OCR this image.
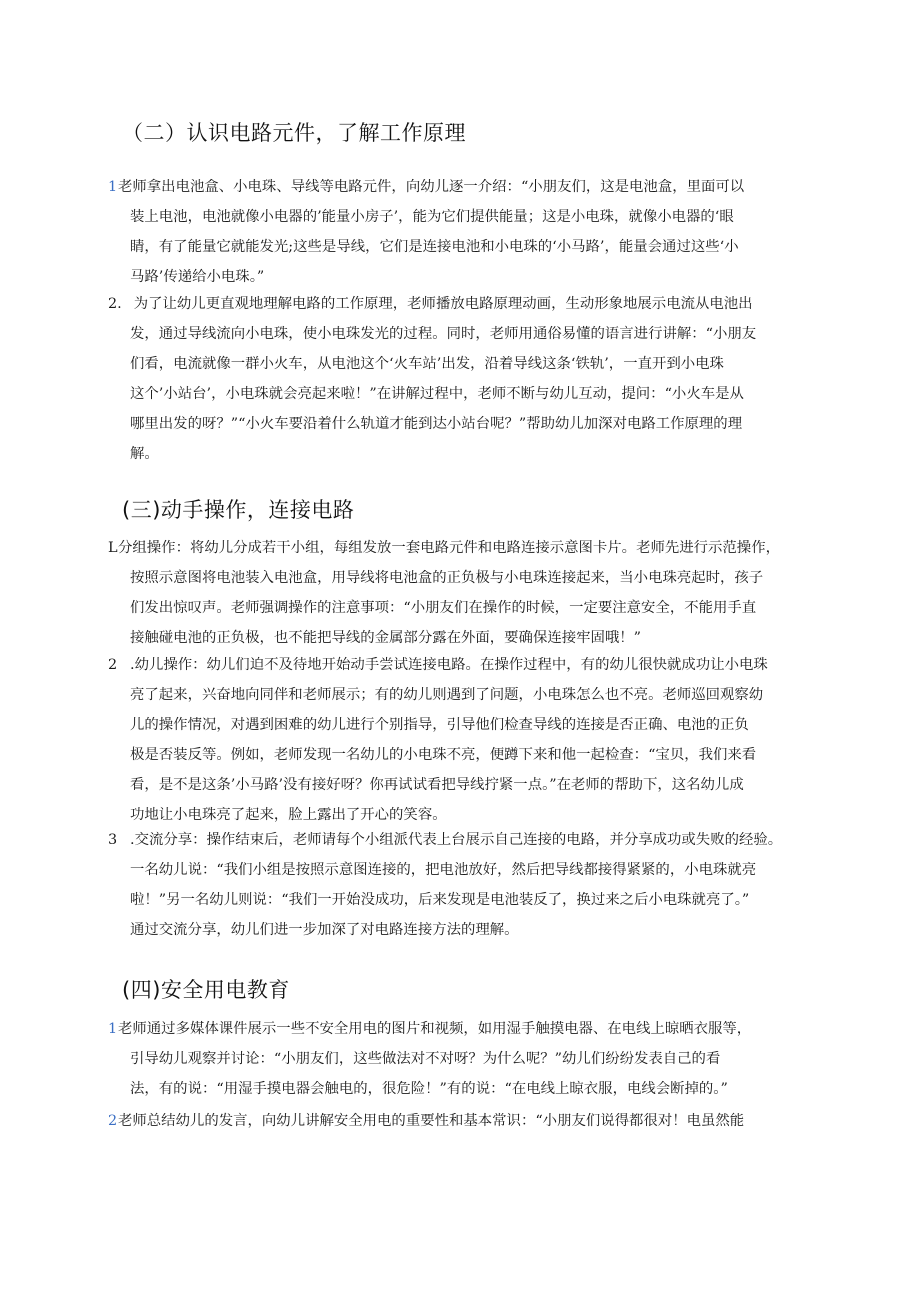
（二）认识电路元件，了解工作原理
1老师拿出电池盒、小电珠、导线等电路元件，向幼儿逐一介绍：“小朋友们，这是电池盒，里面可以
装上电池，电池就像小电器的’能量小房子’，能为它们提供能量；这是小电珠，就像小电器的‘眼
睛，有了能量它就能发光;这些是导线，它们是连接电池和小电珠的‘小马路’，能量会通过这些‘小
马路’传递给小电珠。”
2. 为了让幼儿更直观地理解电路的工作原理，老师播放电路原理动画，生动形象地展示电流从电池出
发，通过导线流向小电珠，使小电珠发光的过程。同时，老师用通俗易懂的语言进行讲解：“小朋友
们看，电流就像一群小火车，从电池这个‘火车站’出发，沿着导线这条‘铁轨’，一直开到小电珠
这个’小站台’，小电珠就会亮起来啦！”在讲解过程中，老师不断与幼儿互动，提问：“小火车是从
哪里出发的呀？”“小火车要沿着什么轨道才能到达小站台呢？”帮助幼儿加深对电路工作原理的理
解。
(三)动手操作，连接电路
L分组操作：将幼儿分成若干小组，每组发放一套电路元件和电路连接示意图卡片。老师先进行示范操作，
按照示意图将电池装入电池盒，用导线将电池盒的正负极与小电珠连接起来，当小电珠亮起时，孩子
们发出惊叹声。老师强调操作的注意事项：“小朋友们在操作的时候，一定要注意安全，不能用手直
接触碰电池的正负极，也不能把导线的金属部分露在外面，要确保连接牢固哦！”
2 .幼儿操作：幼儿们迫不及待地开始动手尝试连接电路。在操作过程中，有的幼儿很快就成功让小电珠
亮了起来，兴奋地向同伴和老师展示；有的幼儿则遇到了问题，小电珠怎么也不亮。老师巡回观察幼
儿的操作情况，对遇到困难的幼儿进行个别指导，引导他们检查导线的连接是否正确、电池的正负
极是否装反等。例如，老师发现一名幼儿的小电珠不亮，便蹲下来和他一起检查：“宝贝，我们来看
看，是不是这条’小马路’没有接好呀？你再试试看把导线拧紧一点。”在老师的帮助下，这名幼儿成
功地让小电珠亮了起来，脸上露出了开心的笑容。
3 .交流分享：操作结束后，老师请每个小组派代表上台展示自己连接的电路，并分享成功或失败的经验。
一名幼儿说：“我们小组是按照示意图连接的，把电池放好，然后把导线都接得紧紧的，小电珠就亮
啦！”另一名幼儿则说：“我们一开始没成功，后来发现是电池装反了，换过来之后小电珠就亮了。”
通过交流分享，幼儿们进一步加深了对电路连接方法的理解。
(四)安全用电教育
1老师通过多媒体课件展示一些不安全用电的图片和视频，如用湿手触摸电器、在电线上晾晒衣服等，
引导幼儿观察并讨论：“小朋友们，这些做法对不对呀？为什么呢？”幼儿们纷纷发表自己的看
法，有的说：“用湿手摸电器会触电的，很危险！”有的说：“在电线上晾衣服，电线会断掉的。”
2老师总结幼儿的发言，向幼儿讲解安全用电的重要性和基本常识：“小朋友们说得都很对！电虽然能
